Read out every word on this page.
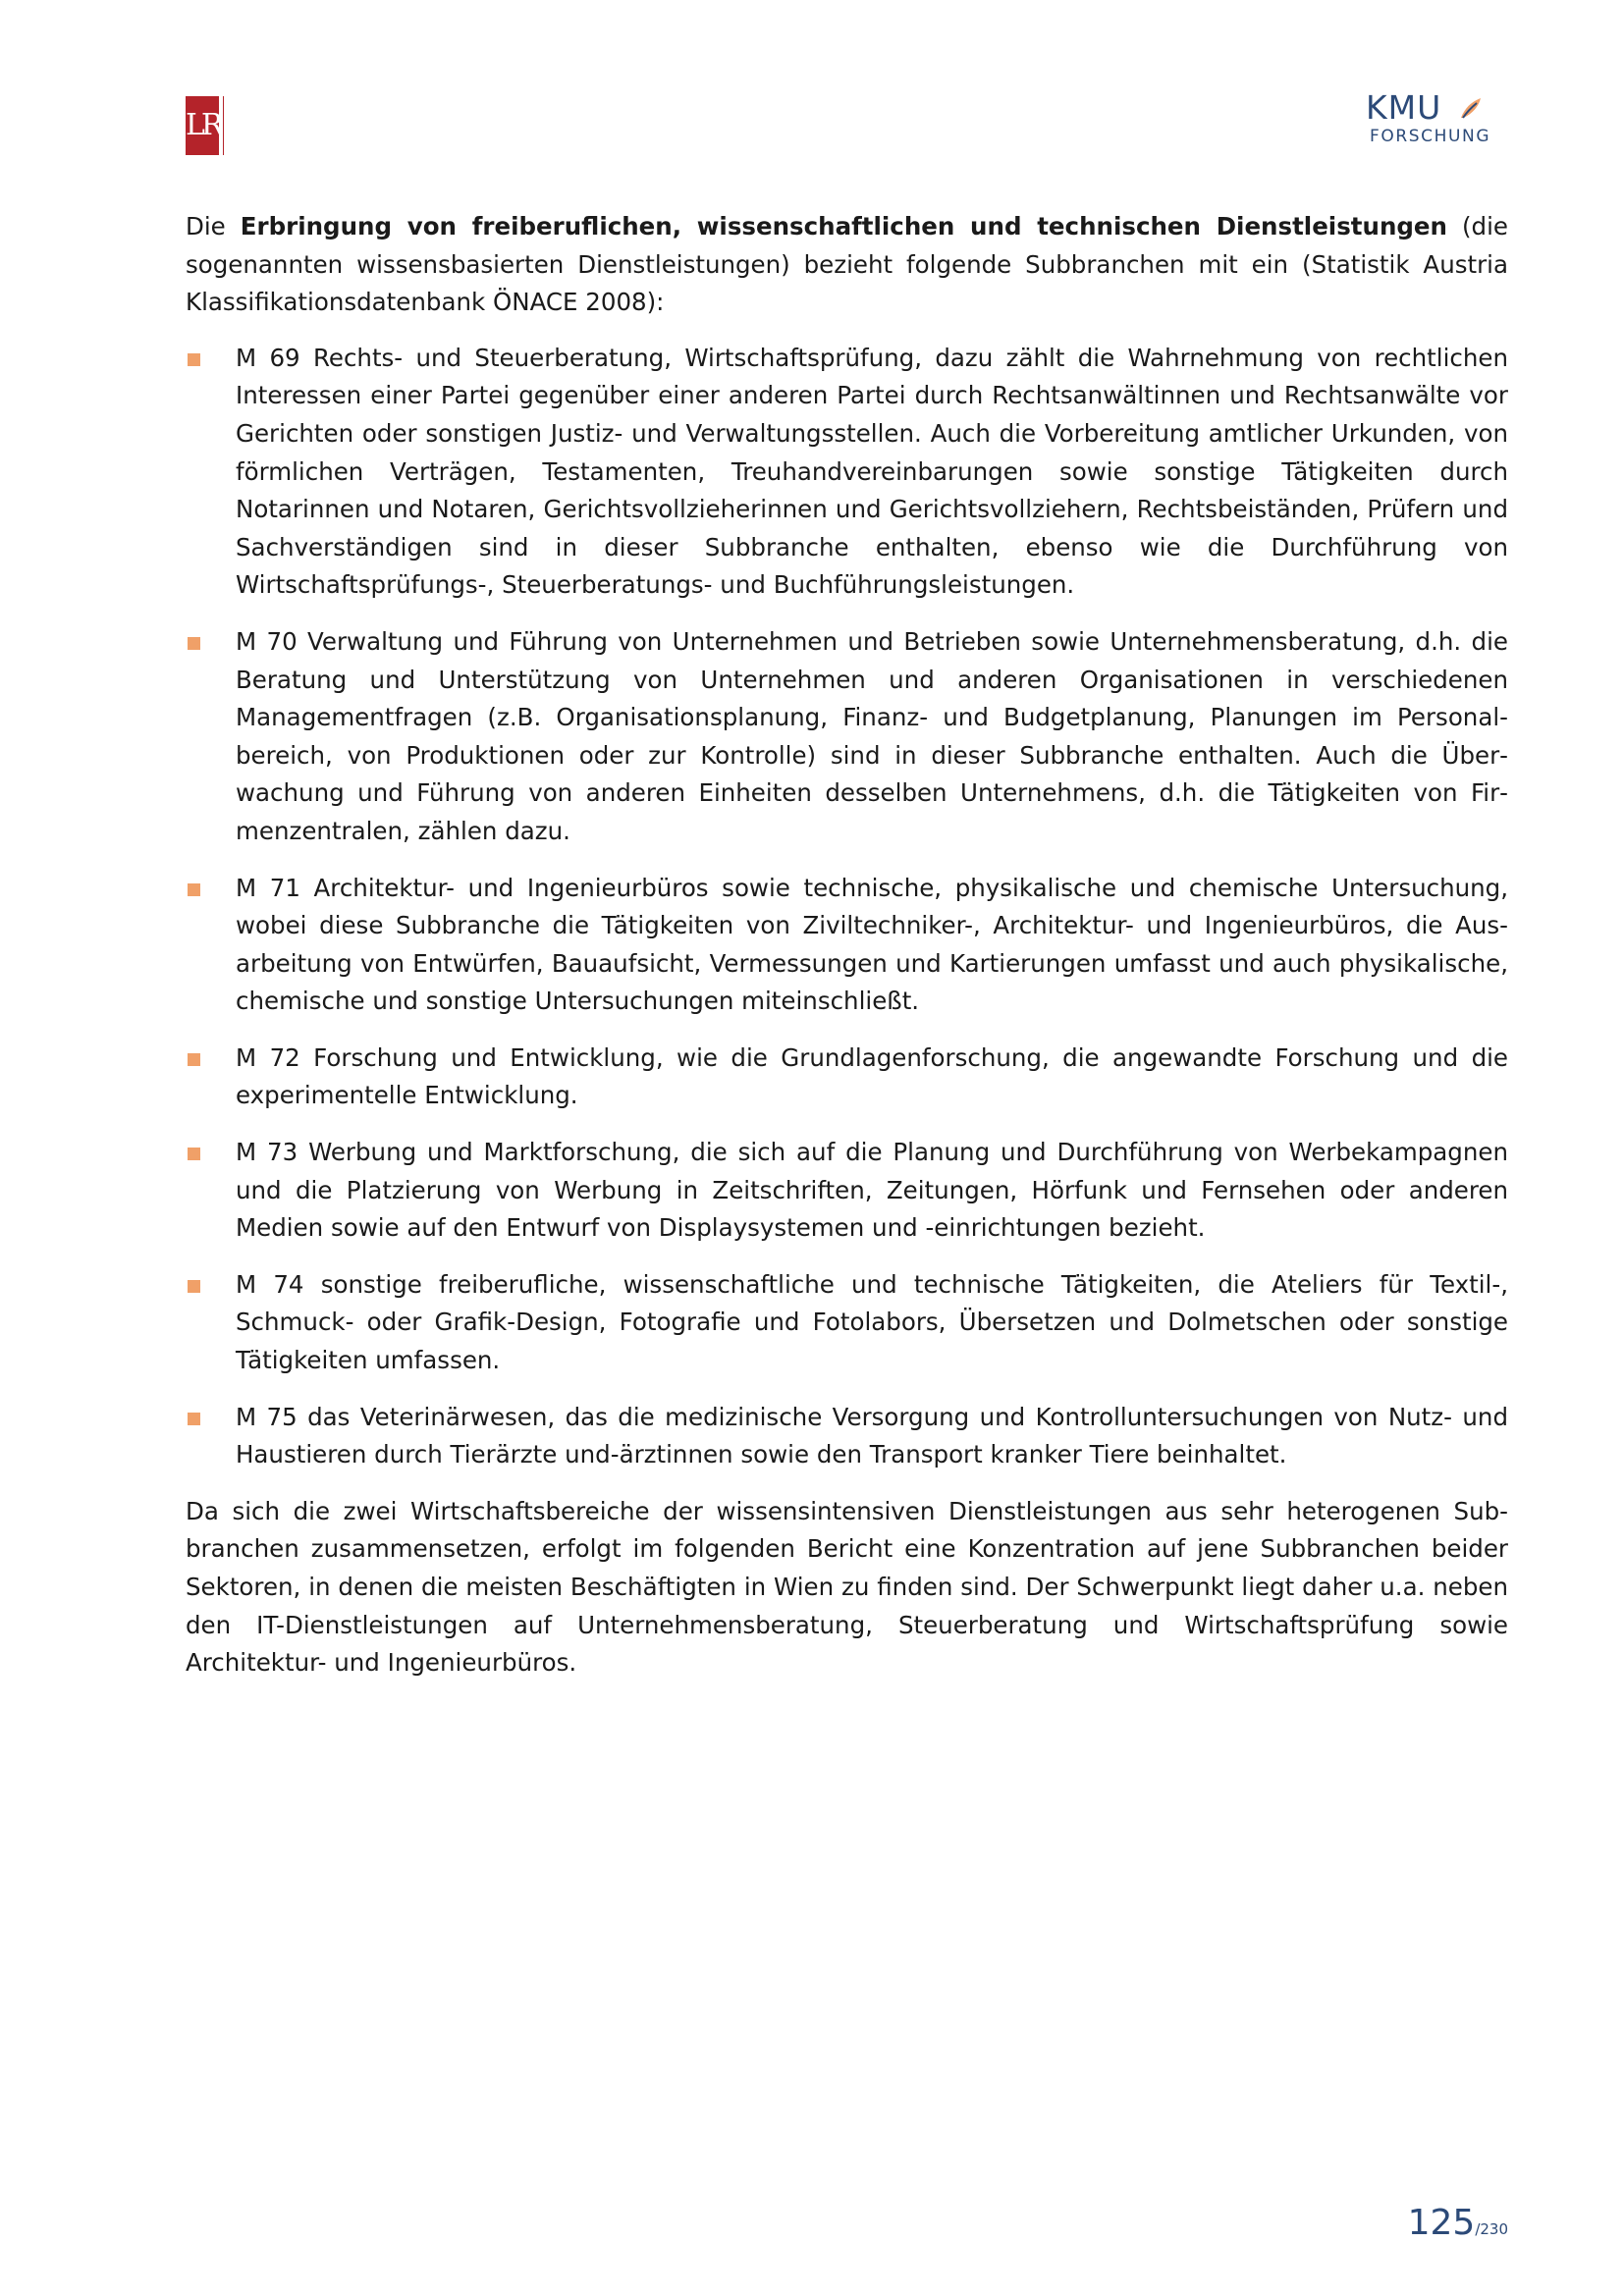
LR	KMU
FORSCHUNG

Die Erbringung von freiberuflichen, wissenschaftlichen und technischen Dienstleistungen (die sogenannten wissensbasierten Dienstleistungen) bezieht folgende Subbranchen mit ein (Statistik Austria Klassifikationsdatenbank ÖNACE 2008):

M 69 Rechts- und Steuerberatung, Wirtschaftsprüfung, dazu zählt die Wahrnehmung von rechtlichen Interessen einer Partei gegenüber einer anderen Partei durch Rechtsanwältinnen und Rechtsanwälte vor Gerichten oder sonstigen Justiz- und Verwaltungsstellen. Auch die Vorbereitung amtlicher Urkunden, von förmlichen Verträgen, Testamenten, Treuhandvereinbarungen sowie sonstige Tätigkeiten durch Notarinnen und Notaren, Gerichtsvollzieherinnen und Gerichtsvollziehern, Rechtsbeiständen, Prüfern und Sachverständigen sind in dieser Subbranche enthalten, ebenso wie die Durchführung von Wirtschaftsprüfungs-, Steuerberatungs- und Buchführungsleistungen.
M 70 Verwaltung und Führung von Unternehmen und Betrieben sowie Unternehmensberatung, d.h. die Beratung und Unterstützung von Unternehmen und anderen Organisationen in verschiedenen Managementfragen (z.B. Organisationsplanung, Finanz- und Budgetplanung, Planungen im Personalbereich, von Produktionen oder zur Kontrolle) sind in dieser Subbranche enthalten. Auch die Überwachung und Führung von anderen Einheiten desselben Unternehmens, d.h. die Tätigkeiten von Firmenzentralen, zählen dazu.
M 71 Architektur- und Ingenieurbüros sowie technische, physikalische und chemische Untersuchung, wobei diese Subbranche die Tätigkeiten von Ziviltechniker-, Architektur- und Ingenieurbüros, die Ausarbeitung von Entwürfen, Bauaufsicht, Vermessungen und Kartierungen umfasst und auch physikalische, chemische und sonstige Untersuchungen miteinschließt.
M 72 Forschung und Entwicklung, wie die Grundlagenforschung, die angewandte Forschung und die experimentelle Entwicklung.
M 73 Werbung und Marktforschung, die sich auf die Planung und Durchführung von Werbekampagnen und die Platzierung von Werbung in Zeitschriften, Zeitungen, Hörfunk und Fernsehen oder anderen Medien sowie auf den Entwurf von Displaysystemen und -einrichtungen bezieht.
M 74 sonstige freiberufliche, wissenschaftliche und technische Tätigkeiten, die Ateliers für Textil-, Schmuck- oder Grafik-Design, Fotografie und Fotolabors, Übersetzen und Dolmetschen oder sonstige Tätigkeiten umfassen.
M 75 das Veterinärwesen, das die medizinische Versorgung und Kontrolluntersuchungen von Nutz- und Haustieren durch Tierärzte und-ärztinnen sowie den Transport kranker Tiere beinhaltet.

Da sich die zwei Wirtschaftsbereiche der wissensintensiven Dienstleistungen aus sehr heterogenen Subbranchen zusammensetzen, erfolgt im folgenden Bericht eine Konzentration auf jene Subbranchen beider Sektoren, in denen die meisten Beschäftigten in Wien zu finden sind. Der Schwerpunkt liegt daher u.a. neben den IT-Dienstleistungen auf Unternehmensberatung, Steuerberatung und Wirtschaftsprüfung sowie Architektur- und Ingenieurbüros.

125/230
